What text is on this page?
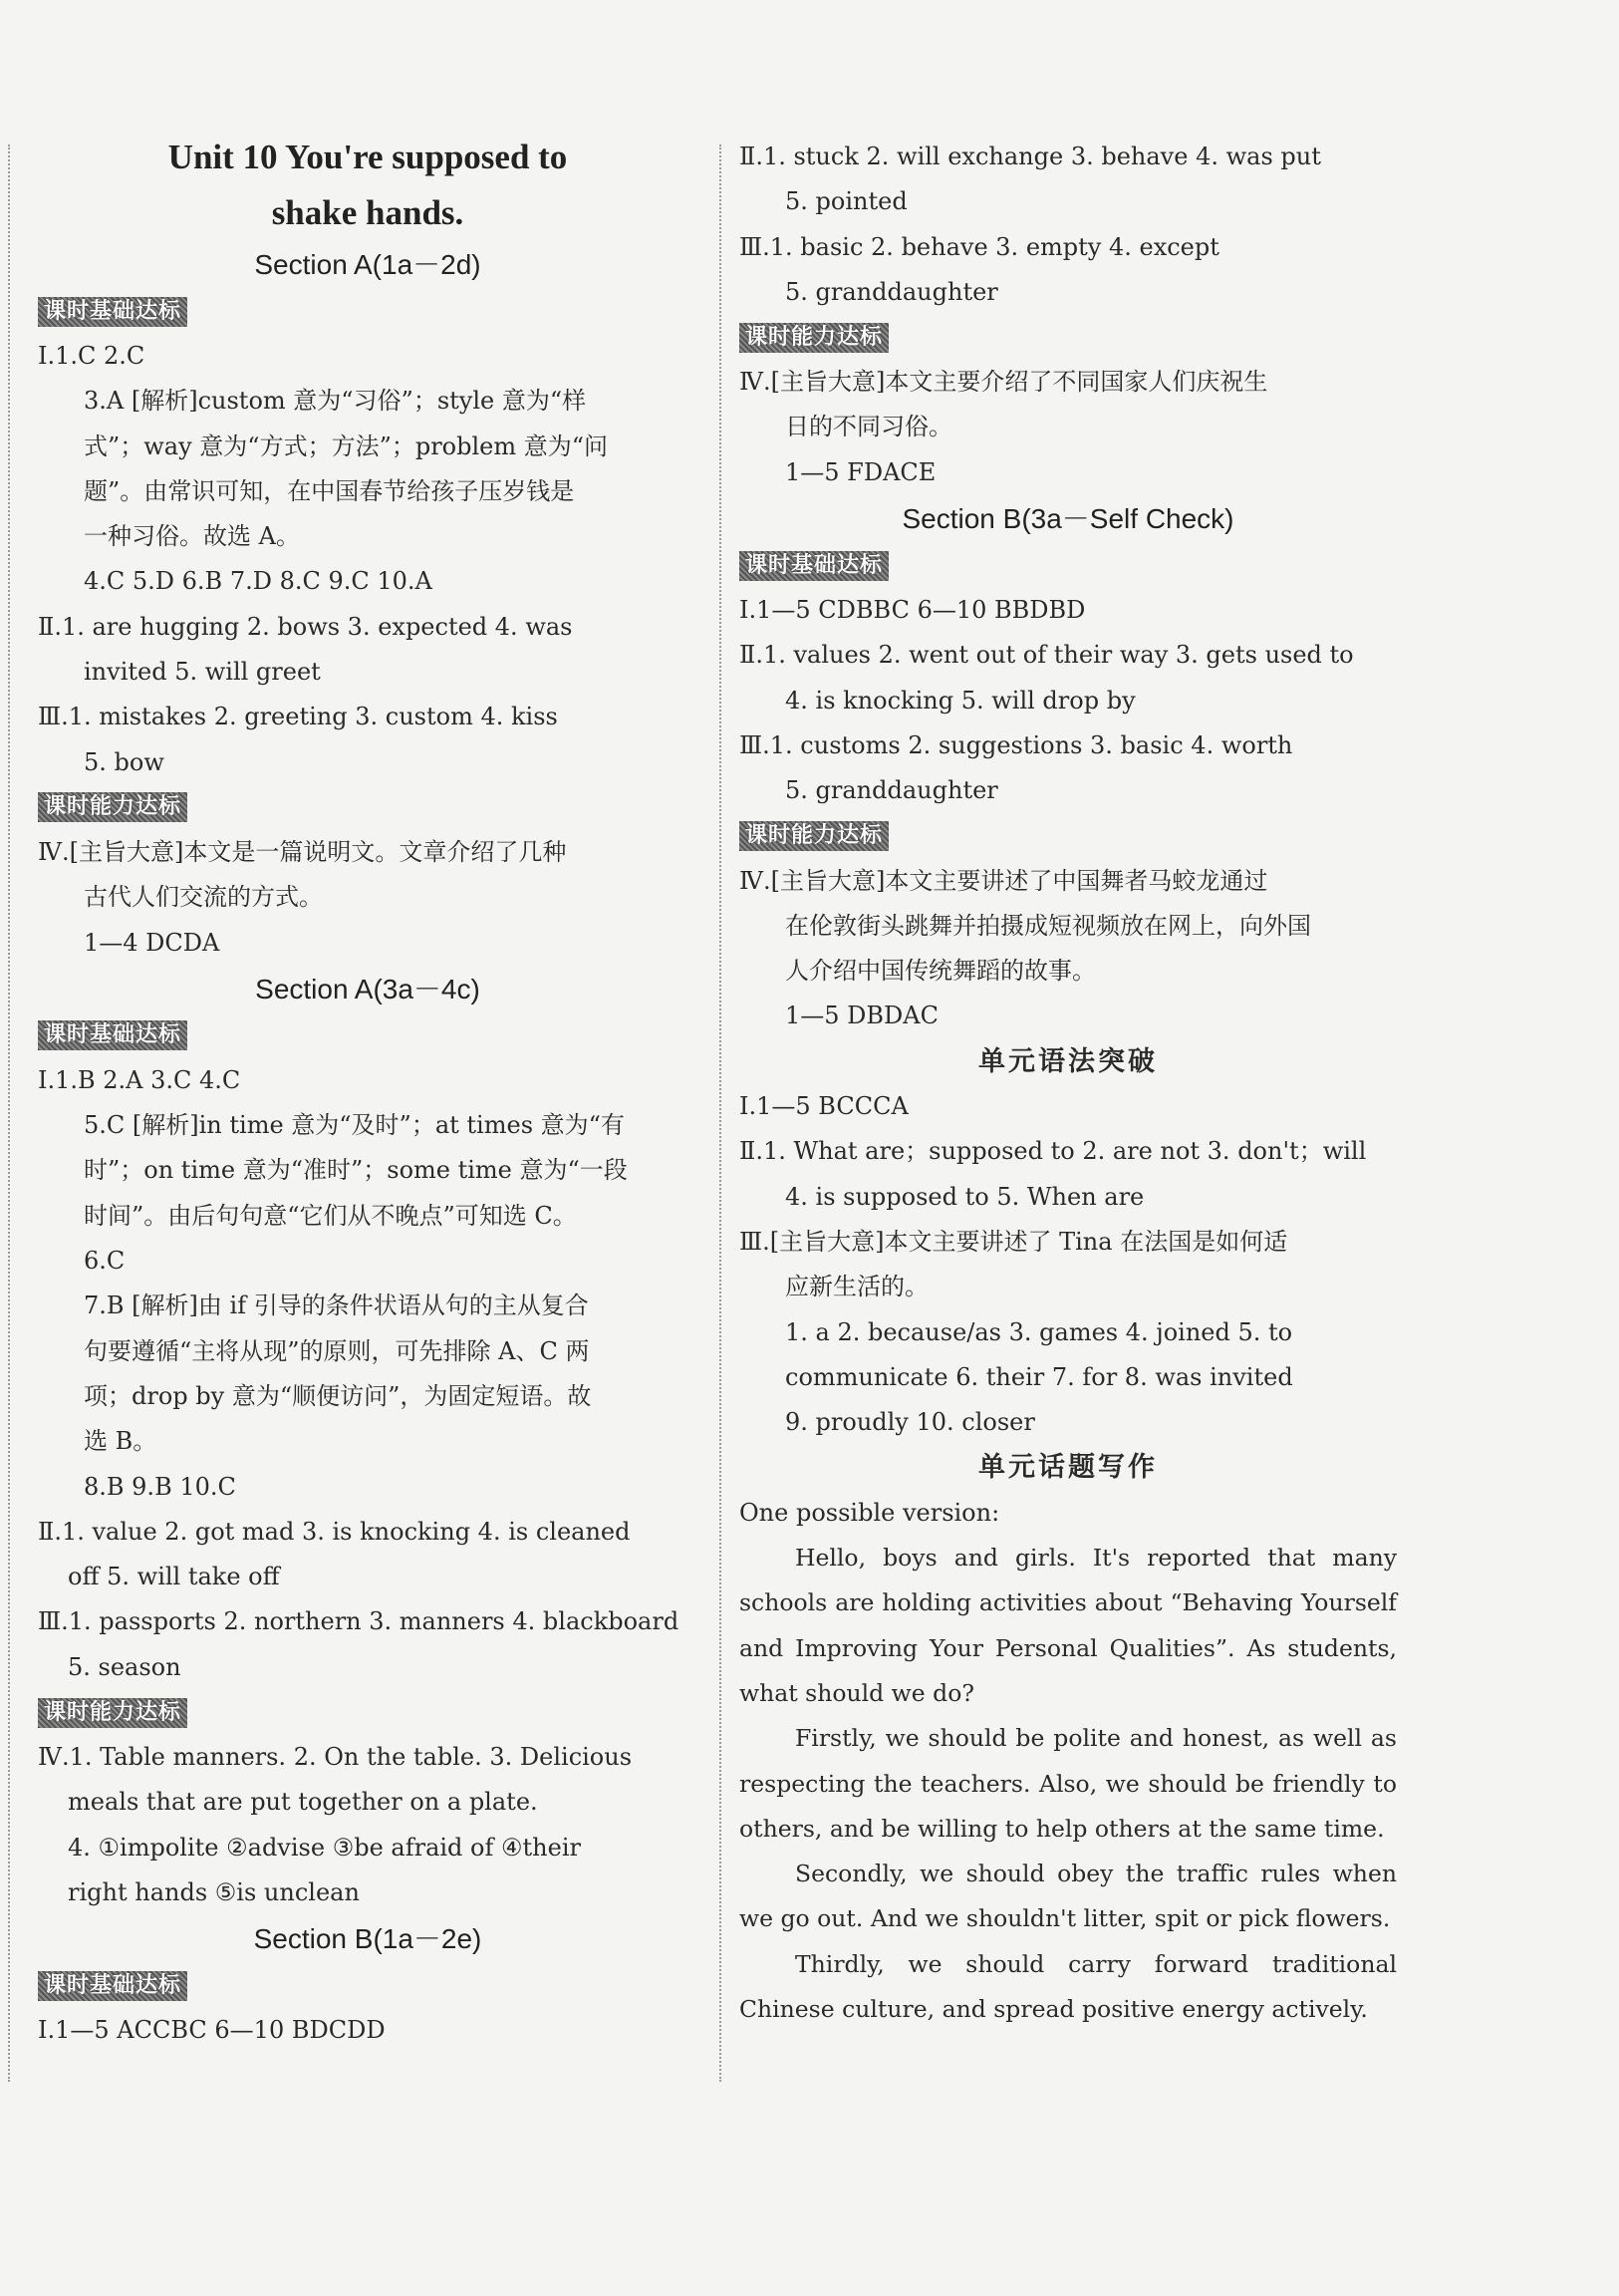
Unit 10 You're supposed to
shake hands.
Section A(1a－2d)
课时基础达标
Ⅰ.1.C 2.C
3.A [解析]custom 意为“习俗”；style 意为“样
式”；way 意为“方式；方法”；problem 意为“问
题”。由常识可知，在中国春节给孩子压岁钱是
一种习俗。故选 A。
4.C 5.D 6.B 7.D 8.C 9.C 10.A
Ⅱ.1. are hugging 2. bows 3. expected 4. was
invited 5. will greet
Ⅲ.1. mistakes 2. greeting 3. custom 4. kiss
5. bow
课时能力达标
Ⅳ.[主旨大意]本文是一篇说明文。文章介绍了几种
古代人们交流的方式。
1—4 DCDA
Section A(3a－4c)
课时基础达标
Ⅰ.1.B 2.A 3.C 4.C
5.C [解析]in time 意为“及时”；at times 意为“有
时”；on time 意为“准时”；some time 意为“一段
时间”。由后句句意“它们从不晚点”可知选 C。
6.C
7.B [解析]由 if 引导的条件状语从句的主从复合
句要遵循“主将从现”的原则，可先排除 A、C 两
项；drop by 意为“顺便访问”，为固定短语。故
选 B。
8.B 9.B 10.C
Ⅱ.1. value 2. got mad 3. is knocking 4. is cleaned
off 5. will take off
Ⅲ.1. passports 2. northern 3. manners 4. blackboard
5. season
课时能力达标
Ⅳ.1. Table manners. 2. On the table. 3. Delicious
meals that are put together on a plate.
4. ①impolite ②advise ③be afraid of ④their
right hands ⑤is unclean
Section B(1a－2e)
课时基础达标
Ⅰ.1—5 ACCBC 6—10 BDCDD
Ⅱ.1. stuck 2. will exchange 3. behave 4. was put
5. pointed
Ⅲ.1. basic 2. behave 3. empty 4. except
5. granddaughter
课时能力达标
Ⅳ.[主旨大意]本文主要介绍了不同国家人们庆祝生
日的不同习俗。
1—5 FDACE
Section B(3a－Self Check)
课时基础达标
Ⅰ.1—5 CDBBC 6—10 BBDBD
Ⅱ.1. values 2. went out of their way 3. gets used to
4. is knocking 5. will drop by
Ⅲ.1. customs 2. suggestions 3. basic 4. worth
5. granddaughter
课时能力达标
Ⅳ.[主旨大意]本文主要讲述了中国舞者马蛟龙通过
在伦敦街头跳舞并拍摄成短视频放在网上，向外国
人介绍中国传统舞蹈的故事。
1—5 DBDAC
单元语法突破
Ⅰ.1—5 BCCCA
Ⅱ.1. What are；supposed to 2. are not 3. don't；will
4. is supposed to 5. When are
Ⅲ.[主旨大意]本文主要讲述了 Tina 在法国是如何适
应新生活的。
1. a 2. because/as 3. games 4. joined 5. to
communicate 6. their 7. for 8. was invited
9. proudly 10. closer
单元话题写作
One possible version:
Hello, boys and girls. It's reported that many schools are holding activities about “Behaving Yourself and Improving Your Personal Qualities”. As students, what should we do?
Firstly, we should be polite and honest, as well as respecting the teachers. Also, we should be friendly to others, and be willing to help others at the same time.
Secondly, we should obey the traffic rules when we go out. And we shouldn't litter, spit or pick flowers.
Thirdly, we should carry forward traditional Chinese culture, and spread positive energy actively.
